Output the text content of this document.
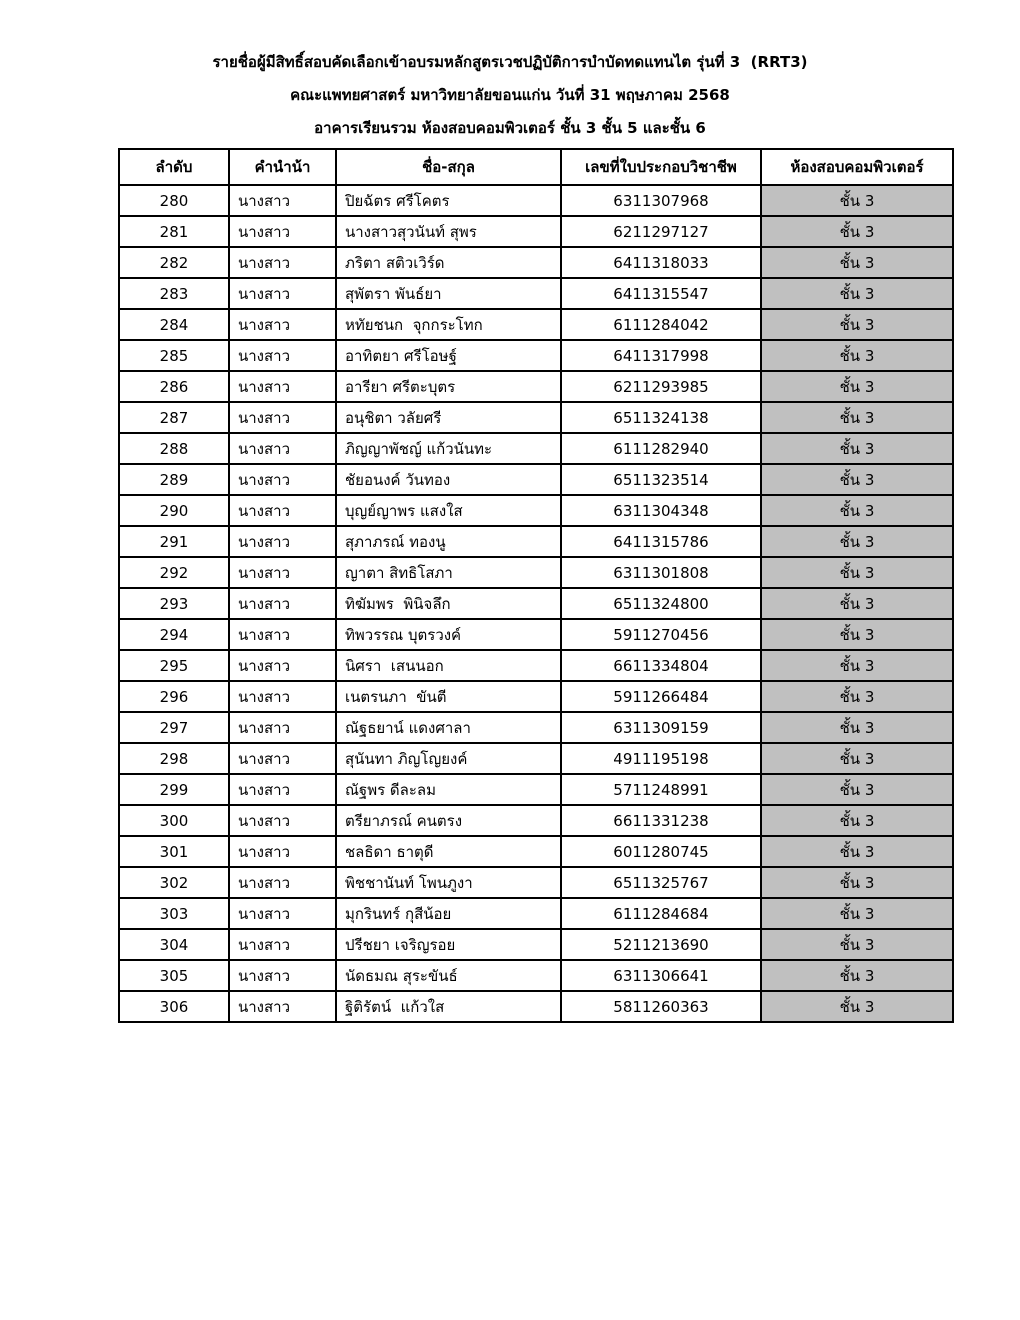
รายชื่อผู้มีสิทธิ์สอบคัดเลือกเข้าอบรมหลักสูตรเวชปฏิบัติการบำบัดทดแทนไต รุ่นที่ 3  (RRT3)
คณะแพทยศาสตร์ มหาวิทยาลัยขอนแก่น วันที่ 31 พฤษภาคม 2568
อาคารเรียนรวม ห้องสอบคอมพิวเตอร์ ชั้น 3 ชั้น 5 และชั้น 6
ลำดับ	คำนำน้า	ชื่อ-สกุล	เลขที่ใบประกอบวิชาชีพ	ห้องสอบคอมพิวเตอร์
280	นางสาว	ปิยฉัตร ศรีโคตร	6311307968	ชั้น 3
281	นางสาว	นางสาวสุวนันท์ สุพร	6211297127	ชั้น 3
282	นางสาว	ภริตา สติวเวิร์ด	6411318033	ชั้น 3
283	นางสาว	สุพัตรา พันธ์ยา	6411315547	ชั้น 3
284	นางสาว	หทัยชนก  จุกกระโทก	6111284042	ชั้น 3
285	นางสาว	อาทิตยา ศรีโอษฐ์	6411317998	ชั้น 3
286	นางสาว	อารียา ศรีตะบุตร	6211293985	ชั้น 3
287	นางสาว	อนุชิตา วลัยศรี	6511324138	ชั้น 3
288	นางสาว	ภิญญาพัชญ์ แก้วนันทะ	6111282940	ชั้น 3
289	นางสาว	ชัยอนงค์ วันทอง	6511323514	ชั้น 3
290	นางสาว	บุญย์ญาพร แสงใส	6311304348	ชั้น 3
291	นางสาว	สุภาภรณ์ ทองนู	6411315786	ชั้น 3
292	นางสาว	ญาตา สิทธิโสภา	6311301808	ชั้น 3
293	นางสาว	ทิฆัมพร  พินิจลึก	6511324800	ชั้น 3
294	นางสาว	ทิพวรรณ บุตรวงค์	5911270456	ชั้น 3
295	นางสาว	นิศรา  เสนนอก	6611334804	ชั้น 3
296	นางสาว	เนตรนภา  ขันตี	5911266484	ชั้น 3
297	นางสาว	ณัฐธยาน์ แดงศาลา	6311309159	ชั้น 3
298	นางสาว	สุนันทา ภิญโญยงค์	4911195198	ชั้น 3
299	นางสาว	ณัฐพร ดีละลม	5711248991	ชั้น 3
300	นางสาว	ตรียาภรณ์ คนตรง	6611331238	ชั้น 3
301	นางสาว	ชลธิดา ธาตุดี	6011280745	ชั้น 3
302	นางสาว	พิชชานันท์ โพนภูงา	6511325767	ชั้น 3
303	นางสาว	มุกรินทร์ กุสีน้อย	6111284684	ชั้น 3
304	นางสาว	ปรีชยา เจริญรอย	5211213690	ชั้น 3
305	นางสาว	นัดธมณ สุระขันธ์	6311306641	ชั้น 3
306	นางสาว	ฐิติรัตน์  แก้วใส	5811260363	ชั้น 3
